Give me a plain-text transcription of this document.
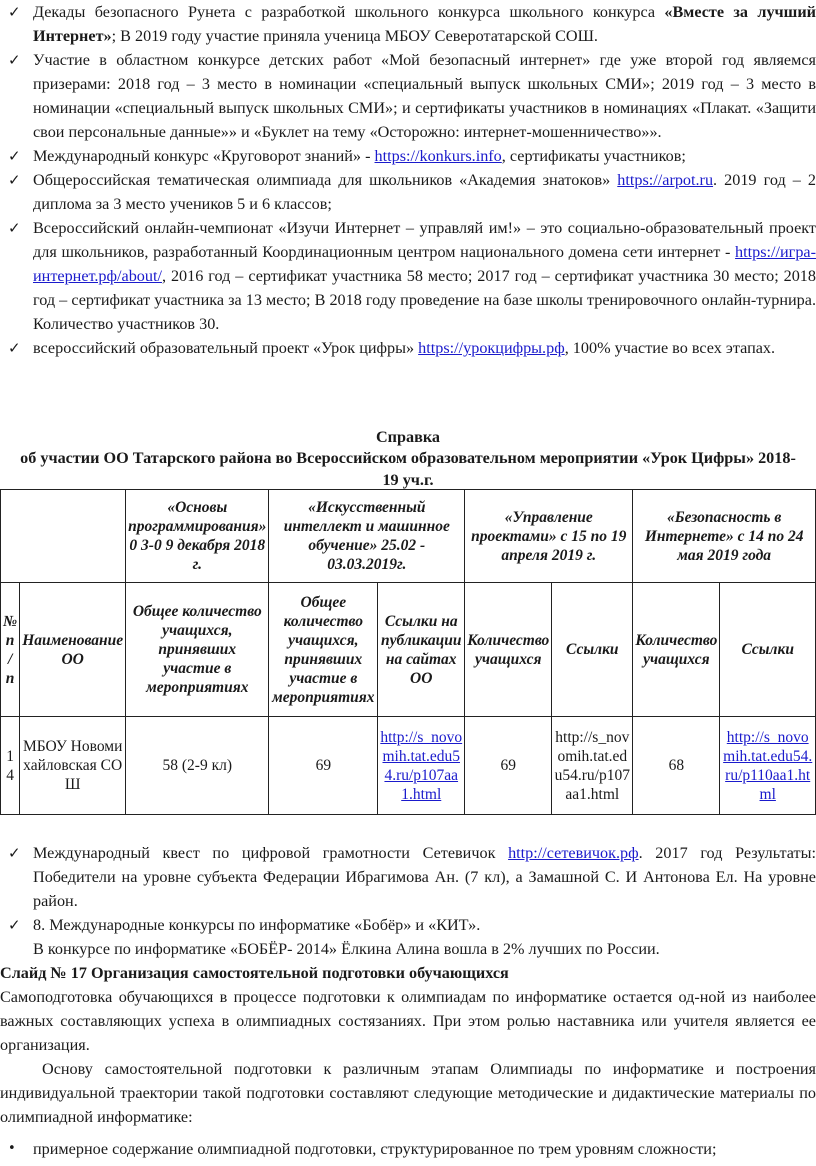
✓ Декады безопасного Рунета с разработкой школьного конкурса школьного конкурса «Вместе за лучший Интернет»; В 2019 году участие приняла ученица МБОУ Северотатарской СОШ.
✓ Участие в областном конкурсе детских работ «Мой безопасный интернет» где уже второй год являемся призерами: 2018 год – 3 место в номинации «специальный выпуск школьных СМИ»; 2019 год – 3 место в номинации «специальный выпуск школьных СМИ»; и сертификаты участников в номинациях «Плакат. «Защити свои персональные данные»» и «Буклет на тему «Осторожно: интернет-мошенничество»».
✓ Международный конкурс «Круговорот знаний» - https://konkurs.info, сертификаты участников;
✓ Общероссийская тематическая олимпиада для школьников «Академия знатоков» https://arpot.ru. 2019 год – 2 диплома за 3 место учеников 5 и 6 классов;
✓ Всероссийский онлайн-чемпионат «Изучи Интернет – управляй им!» – это социально-образовательный проект для школьников, разработанный Координационным центром национального домена сети интернет - https://игра-интернет.рф/about/, 2016 год – сертификат участника 58 место; 2017 год – сертификат участника 30 место; 2018 год – сертификат участника за 13 место; В 2018 году проведение на базе школы тренировочного онлайн-турнира. Количество участников 30.
✓ всероссийский образовательный проект «Урок цифры» https://урокцифры.рф, 100% участие во всех этапах.
Справка
об участии ОО Татарского района во Всероссийском образовательном мероприятии «Урок Цифры» 2018-19 уч.г.
		«Основы программирования» 0 3-0 9 декабря 2018 г.	«Искусственный интеллект и машинное обучение» 25.02 - 03.03.2019г.		«Управление проектами» с 15 по 19 апреля 2019 г.		«Безопасность в Интернете» с 14 по 24 мая 2019 года	
№ п / п	Наименование ОО	Общее количество учащихся, принявших участие в мероприятиях	Общее количество учащихся, принявших участие в мероприятиях	Ссылки на публикации на сайтах ОО	Количество учащихся	Ссылки	Количество учащихся	Ссылки
14	МБОУ Новомихайловская СОШ	58 (2-9 кл)	69	http://s_novomih.tat.edu54.ru/p107aa1.html	69	http://s_novomih.tat.edu54.ru/p107aa1.html	68	http://s_novomih.tat.edu54.ru/p110aa1.html
✓ Международный квест по цифровой грамотности Сетевичок http://сетевичок.рф. 2017 год Результаты: Победители на уровне субъекта Федерации Ибрагимова Ан. (7 кл), а Замашной С. И Антонова Ел. На уровне район.
✓ 8. Международные конкурсы по информатике «Бобёр» и «КИТ».
В конкурсе по информатике «БОБЁР- 2014» Ёлкина Алина вошла в 2% лучших по России.
Слайд № 17 Организация самостоятельной подготовки обучающихся
Самоподготовка обучающихся в процессе подготовки к олимпиадам по информатике остается од-ной из наиболее важных составляющих успеха в олимпиадных состязаниях. При этом ролью наставника или учителя является ее организация.
Основу самостоятельной подготовки к различным этапам Олимпиады по информатике и построения индивидуальной траектории такой подготовки составляют следующие методические и дидактические материалы по олимпиадной информатике:
• примерное содержание олимпиадной подготовки, структурированное по трем уровням сложности;
